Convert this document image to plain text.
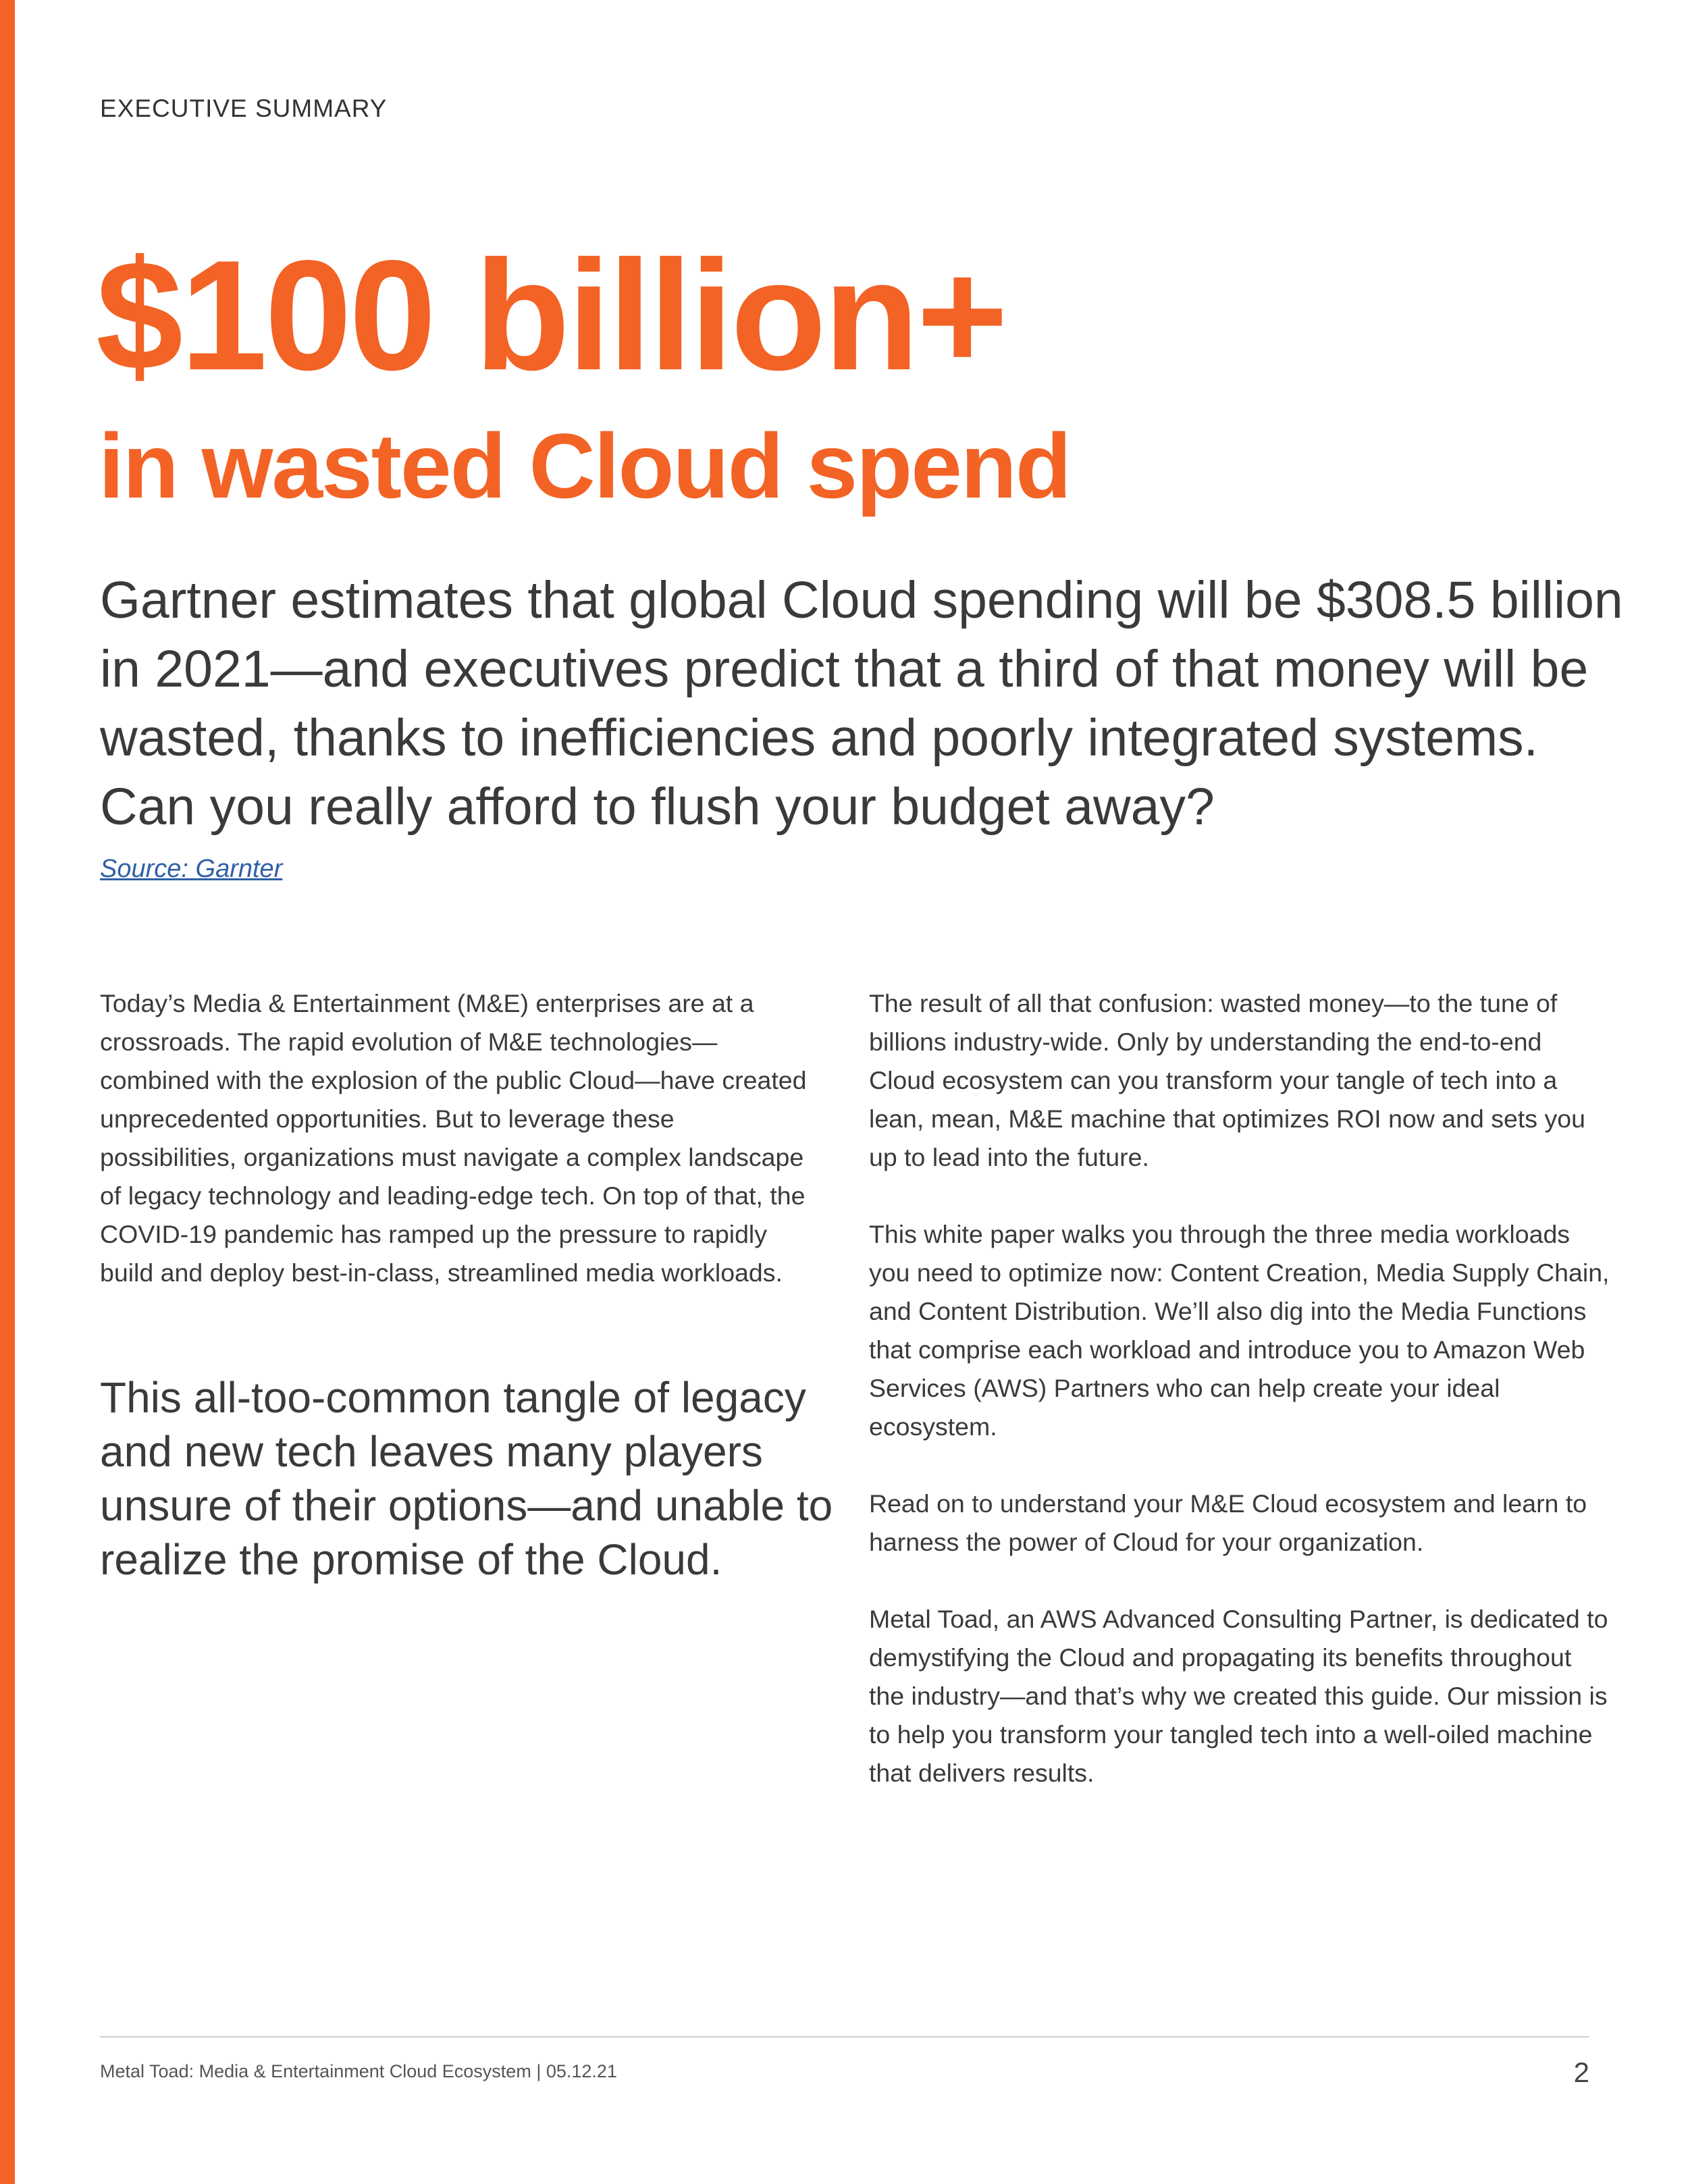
EXECUTIVE SUMMARY
$100 billion+
in wasted Cloud spend
Gartner estimates that global Cloud spending will be $308.5 billion in 2021—and executives predict that a third of that money will be wasted, thanks to inefficiencies and poorly integrated systems. Can you really afford to flush your budget away?
Source: Garnter

Today’s Media & Entertainment (M&E) enterprises are at a crossroads. The rapid evolution of M&E technologies—combined with the explosion of the public Cloud—have created unprecedented opportunities. But to leverage these possibilities, organizations must navigate a complex landscape of legacy technology and leading-edge tech. On top of that, the COVID-19 pandemic has ramped up the pressure to rapidly build and deploy best-in-class, streamlined media workloads.

This all-too-common tangle of legacy and new tech leaves many players unsure of their options—and unable to realize the promise of the Cloud.

The result of all that confusion: wasted money—to the tune of billions industry-wide. Only by understanding the end-to-end Cloud ecosystem can you transform your tangle of tech into a lean, mean, M&E machine that optimizes ROI now and sets you up to lead into the future.

This white paper walks you through the three media workloads you need to optimize now: Content Creation, Media Supply Chain, and Content Distribution. We’ll also dig into the Media Functions that comprise each workload and introduce you to Amazon Web Services (AWS) Partners who can help create your ideal ecosystem.

Read on to understand your M&E Cloud ecosystem and learn to harness the power of Cloud for your organization.

Metal Toad, an AWS Advanced Consulting Partner, is dedicated to demystifying the Cloud and propagating its benefits throughout the industry—and that’s why we created this guide. Our mission is to help you transform your tangled tech into a well-oiled machine that delivers results.

Metal Toad: Media & Entertainment Cloud Ecosystem | 05.12.21	2
